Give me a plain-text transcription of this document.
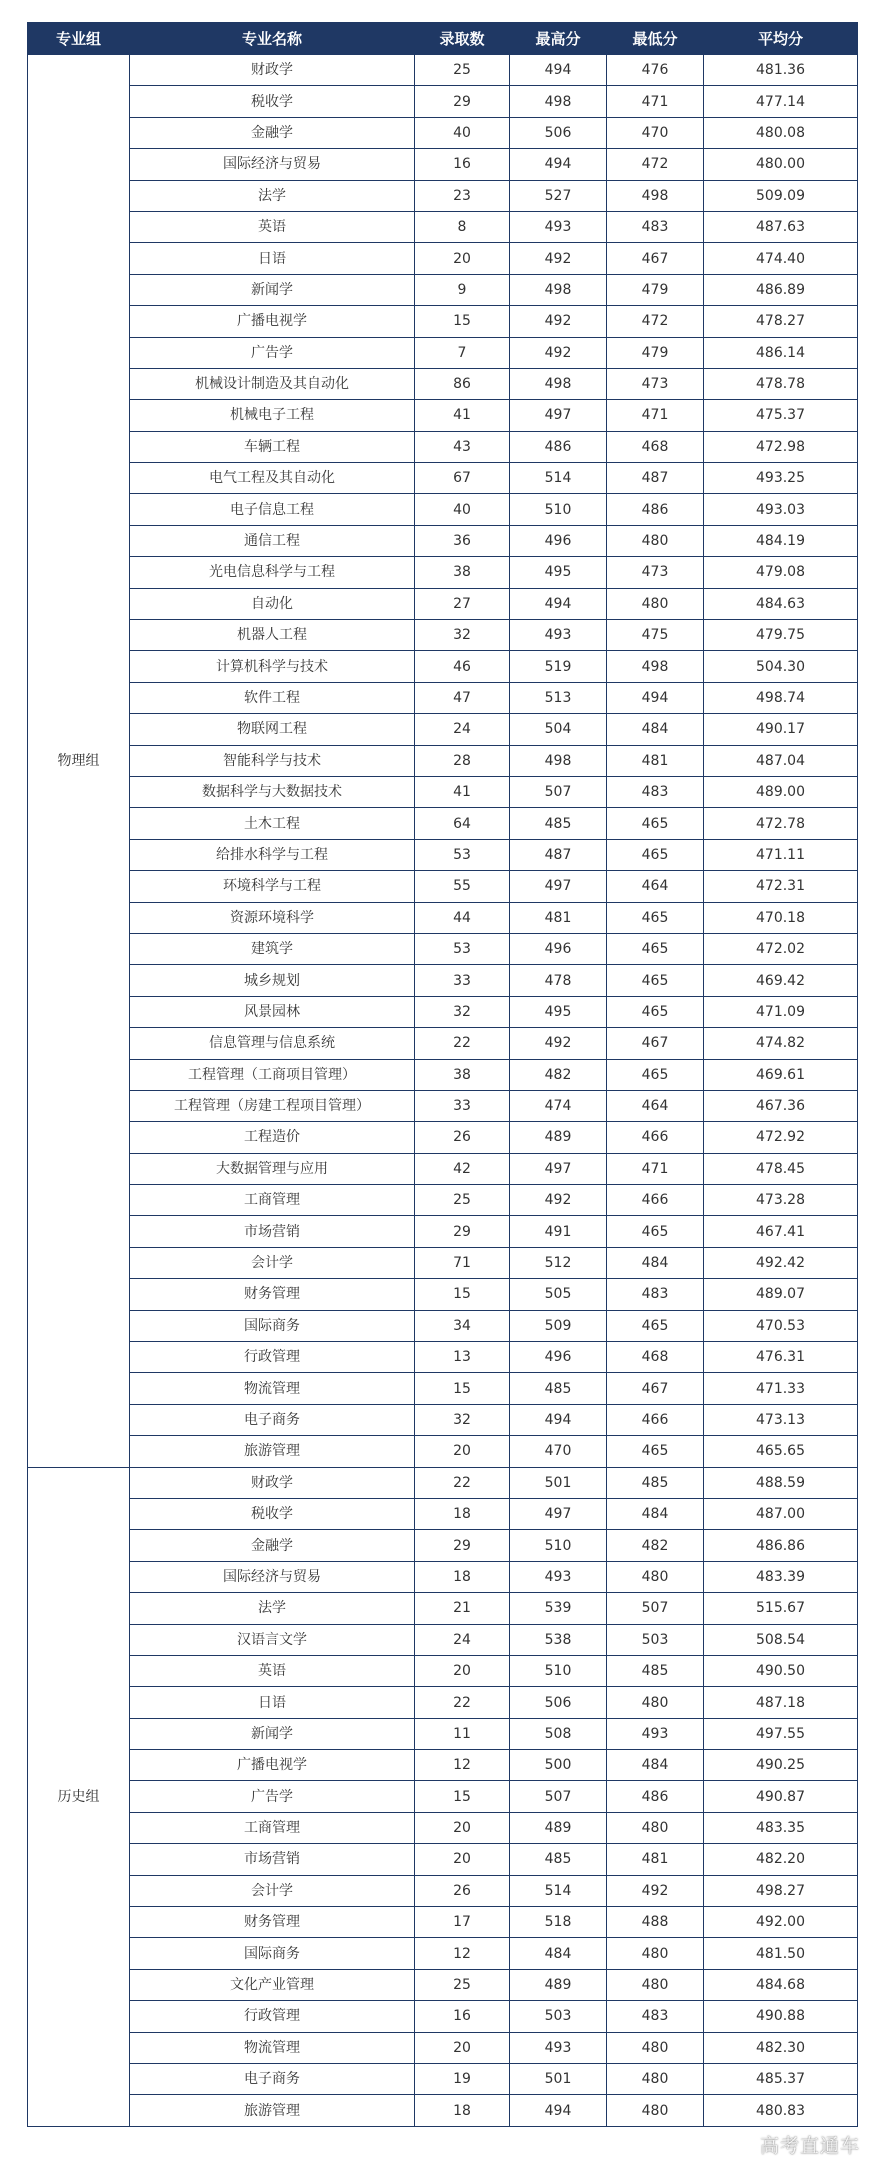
专业组	专业名称	录取数	最高分	最低分	平均分
物理组	财政学	25	494	476	481.36
	税收学	29	498	471	477.14
	金融学	40	506	470	480.08
	国际经济与贸易	16	494	472	480.00
	法学	23	527	498	509.09
	英语	8	493	483	487.63
	日语	20	492	467	474.40
	新闻学	9	498	479	486.89
	广播电视学	15	492	472	478.27
	广告学	7	492	479	486.14
	机械设计制造及其自动化	86	498	473	478.78
	机械电子工程	41	497	471	475.37
	车辆工程	43	486	468	472.98
	电气工程及其自动化	67	514	487	493.25
	电子信息工程	40	510	486	493.03
	通信工程	36	496	480	484.19
	光电信息科学与工程	38	495	473	479.08
	自动化	27	494	480	484.63
	机器人工程	32	493	475	479.75
	计算机科学与技术	46	519	498	504.30
	软件工程	47	513	494	498.74
	物联网工程	24	504	484	490.17
	智能科学与技术	28	498	481	487.04
	数据科学与大数据技术	41	507	483	489.00
	土木工程	64	485	465	472.78
	给排水科学与工程	53	487	465	471.11
	环境科学与工程	55	497	464	472.31
	资源环境科学	44	481	465	470.18
	建筑学	53	496	465	472.02
	城乡规划	33	478	465	469.42
	风景园林	32	495	465	471.09
	信息管理与信息系统	22	492	467	474.82
	工程管理（工商项目管理）	38	482	465	469.61
	工程管理（房建工程项目管理）	33	474	464	467.36
	工程造价	26	489	466	472.92
	大数据管理与应用	42	497	471	478.45
	工商管理	25	492	466	473.28
	市场营销	29	491	465	467.41
	会计学	71	512	484	492.42
	财务管理	15	505	483	489.07
	国际商务	34	509	465	470.53
	行政管理	13	496	468	476.31
	物流管理	15	485	467	471.33
	电子商务	32	494	466	473.13
	旅游管理	20	470	465	465.65
历史组	财政学	22	501	485	488.59
	税收学	18	497	484	487.00
	金融学	29	510	482	486.86
	国际经济与贸易	18	493	480	483.39
	法学	21	539	507	515.67
	汉语言文学	24	538	503	508.54
	英语	20	510	485	490.50
	日语	22	506	480	487.18
	新闻学	11	508	493	497.55
	广播电视学	12	500	484	490.25
	广告学	15	507	486	490.87
	工商管理	20	489	480	483.35
	市场营销	20	485	481	482.20
	会计学	26	514	492	498.27
	财务管理	17	518	488	492.00
	国际商务	12	484	480	481.50
	文化产业管理	25	489	480	484.68
	行政管理	16	503	483	490.88
	物流管理	20	493	480	482.30
	电子商务	19	501	480	485.37
	旅游管理	18	494	480	480.83
高考直通车
